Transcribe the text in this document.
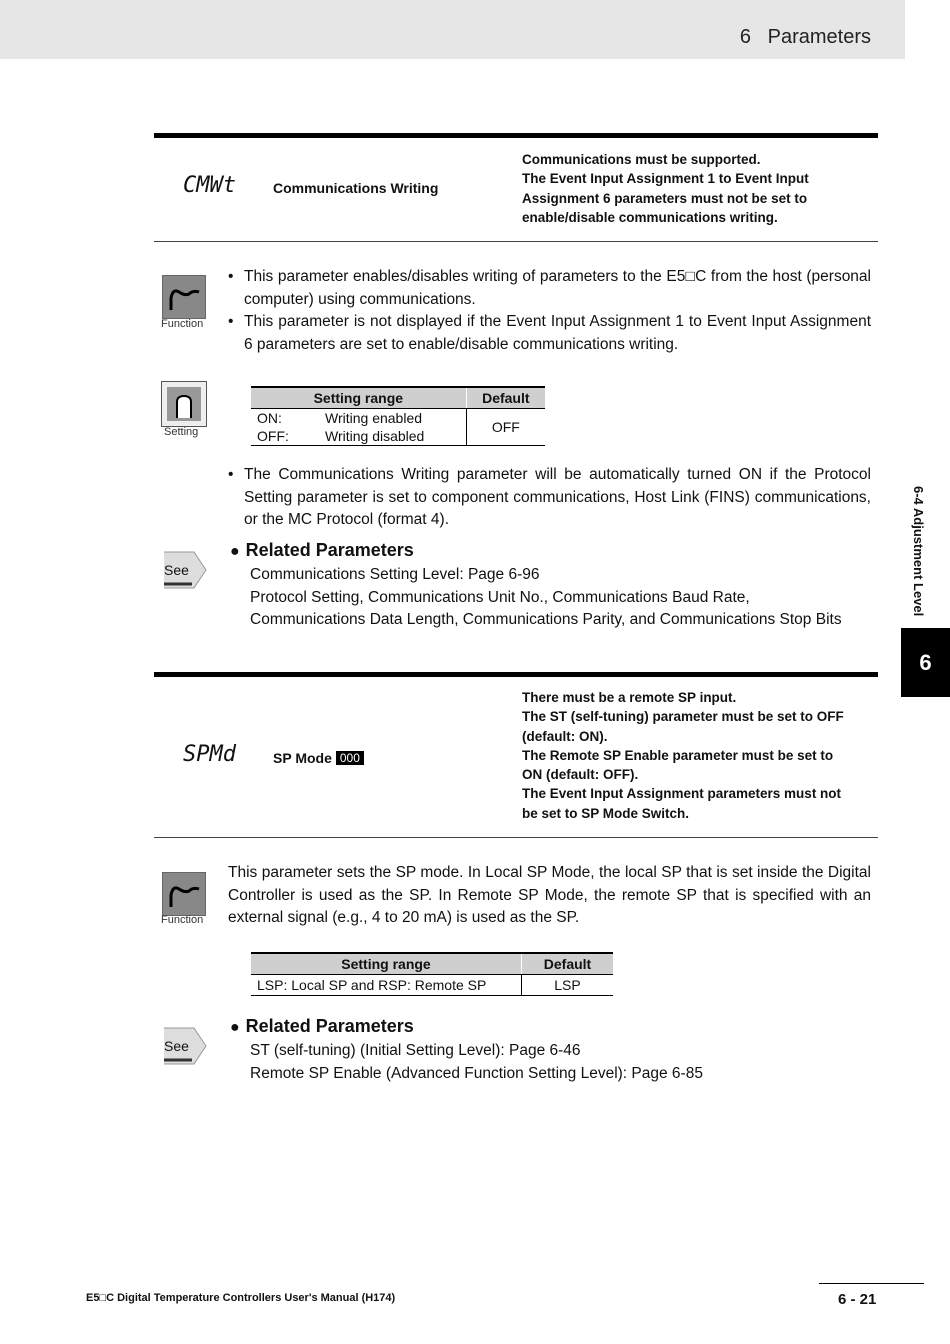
6   Parameters
6-4 Adjustment Level
6
CMWt	Communications Writing
Communications must be supported.
The Event Input Assignment 1 to Event Input
Assignment 6 parameters must not be set to
enable/disable communications writing.
Function
• This parameter enables/disables writing of parameters to the E5□C from the host (personal computer) using communications.
• This parameter is not displayed if the Event Input Assignment 1 to Event Input Assignment 6 parameters are set to enable/disable communications writing.
Setting
Setting range		Default
ON:	Writing enabled	OFF
OFF:	Writing disabled	
• The Communications Writing parameter will be automatically turned ON if the Protocol Setting parameter is set to component communications, Host Link (FINS) communications, or the MC Protocol (format 4).
See
● Related Parameters
Communications Setting Level: Page 6-96
Protocol Setting, Communications Unit No., Communications Baud Rate,
Communications Data Length, Communications Parity, and Communications Stop Bits
SPMd	SP Mode 000
There must be a remote SP input.
The ST (self-tuning) parameter must be set to OFF
(default: ON).
The Remote SP Enable parameter must be set to
ON (default: OFF).
The Event Input Assignment parameters must not
be set to SP Mode Switch.
Function
This parameter sets the SP mode. In Local SP Mode, the local SP that is set inside the Digital Controller is used as the SP. In Remote SP Mode, the remote SP that is specified with an external signal (e.g., 4 to 20 mA) is used as the SP.
Setting range	Default
LSP: Local SP and RSP: Remote SP	LSP
See
● Related Parameters
ST (self-tuning) (Initial Setting Level): Page 6-46
Remote SP Enable (Advanced Function Setting Level): Page 6-85
E5□C Digital Temperature Controllers User's Manual (H174)	6 - 21
